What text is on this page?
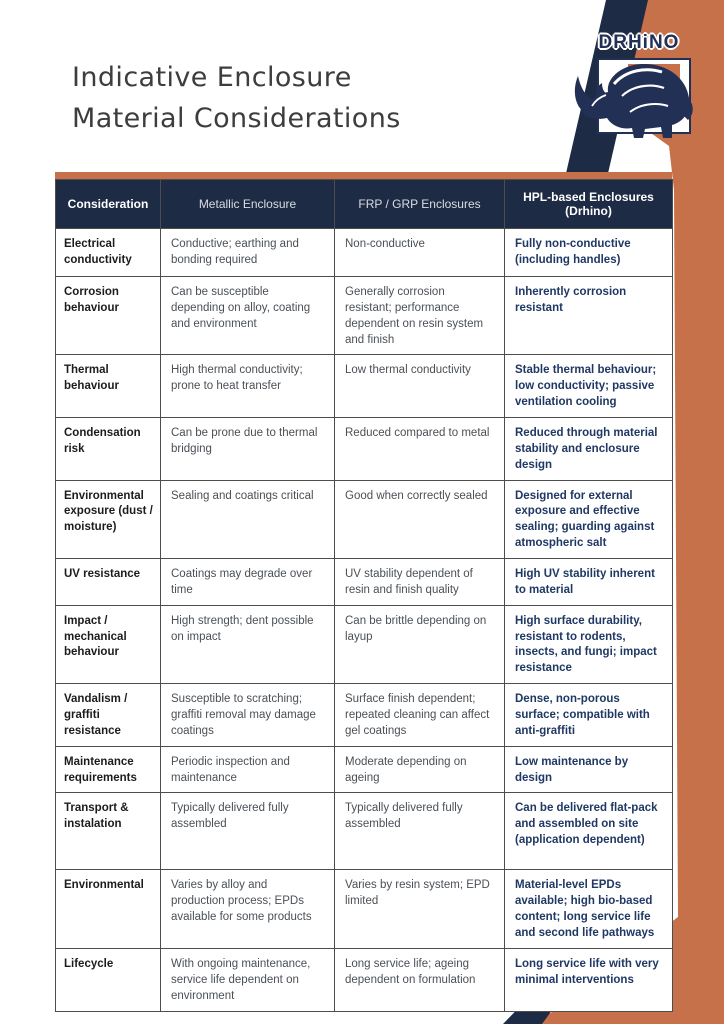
Indicative Enclosure
Material Considerations
DRHiNO
Consideration	Metallic Enclosure	FRP / GRP Enclosures	HPL-based Enclosures (Drhino)
Electrical conductivity	Conductive; earthing and bonding required	Non-conductive	Fully non-conductive (including handles)
Corrosion behaviour	Can be susceptible depending on alloy, coating and environment	Generally corrosion resistant; performance dependent on resin system and finish	Inherently corrosion resistant
Thermal behaviour	High thermal conductivity; prone to heat transfer	Low thermal conductivity	Stable thermal behaviour; low conductivity; passive ventilation cooling
Condensation risk	Can be prone due to thermal bridging	Reduced compared to metal	Reduced through material stability and enclosure design
Environmental exposure (dust / moisture)	Sealing and coatings critical	Good when correctly sealed	Designed for external exposure and effective sealing; guarding against atmospheric salt
UV resistance	Coatings may degrade over time	UV stability dependent of resin and finish quality	High UV stability inherent to material
Impact / mechanical behaviour	High strength; dent possible on impact	Can be brittle depending on layup	High surface durability, resistant to rodents, insects, and fungi; impact resistance
Vandalism / graffiti resistance	Susceptible to scratching; graffiti removal may damage coatings	Surface finish dependent; repeated cleaning can affect gel coatings	Dense, non-porous surface; compatible with anti-graffiti
Maintenance requirements	Periodic inspection and maintenance	Moderate depending on ageing	Low maintenance by design
Transport & instalation	Typically delivered fully assembled	Typically delivered fully assembled	Can be delivered flat-pack and assembled on site (application dependent)
Environmental	Varies by alloy and production process; EPDs available for some products	Varies by resin system; EPD limited	Material-level EPDs available; high bio-based content; long service life and second life pathways
Lifecycle	With ongoing maintenance, service life dependent on environment	Long service life; ageing dependent on formulation	Long service life with very minimal interventions
